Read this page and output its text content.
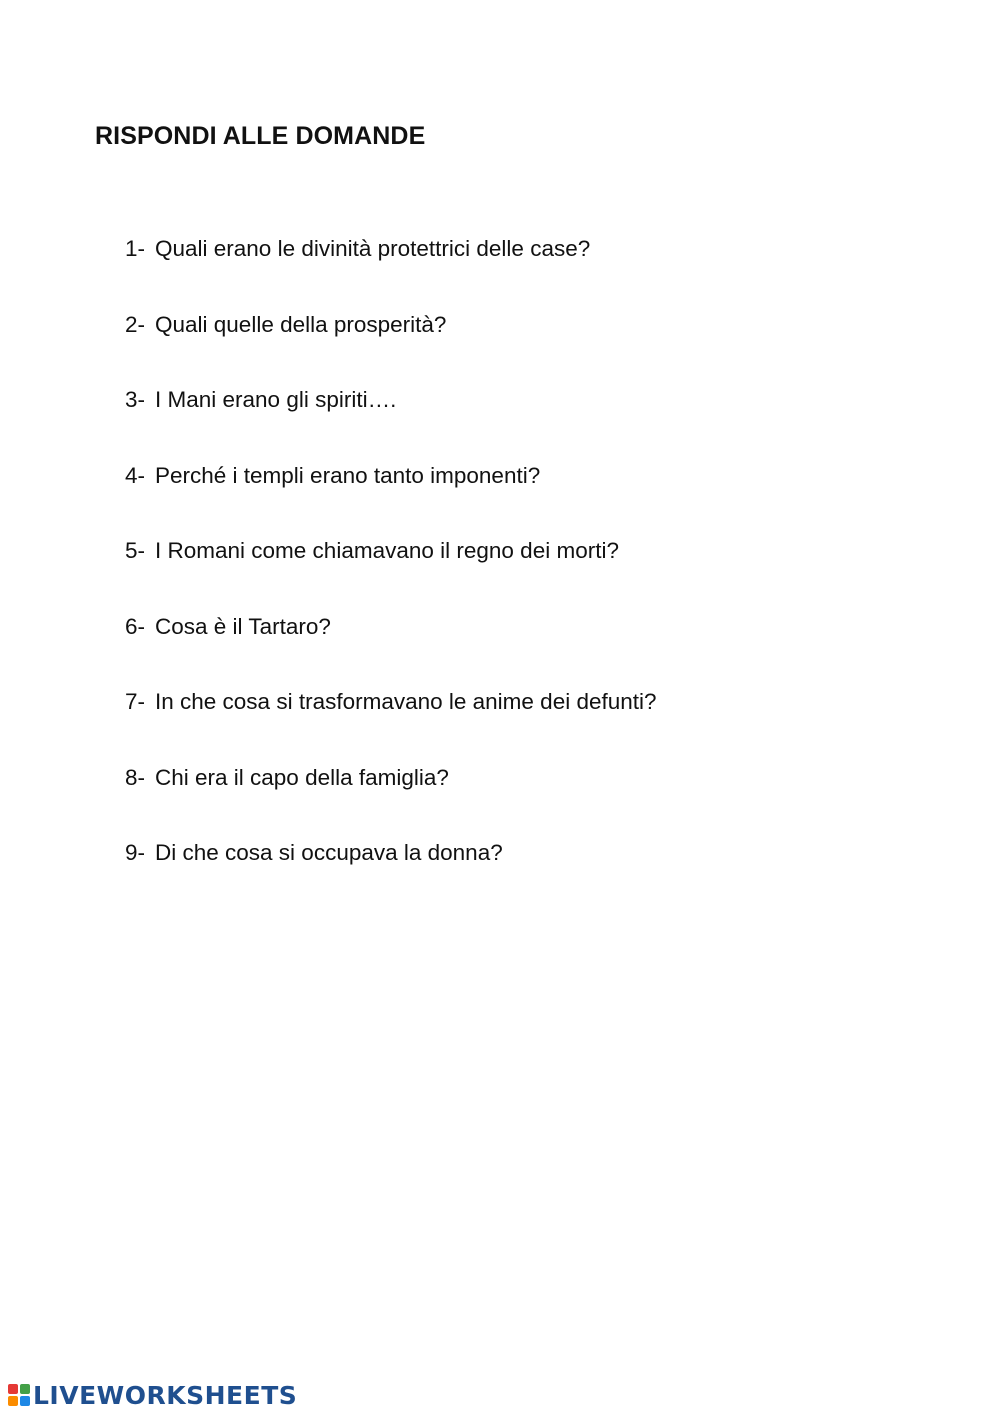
RISPONDI ALLE DOMANDE
1- Quali erano le divinità protettrici delle case?
2- Quali quelle della prosperità?
3- I Mani erano gli spiriti….
4- Perché i templi erano tanto imponenti?
5- I Romani come chiamavano il regno dei morti?
6- Cosa è il Tartaro?
7- In che cosa si trasformavano le anime dei defunti?
8- Chi era il capo della famiglia?
9- Di che cosa si occupava la donna?
LIVEWORKSHEETS
